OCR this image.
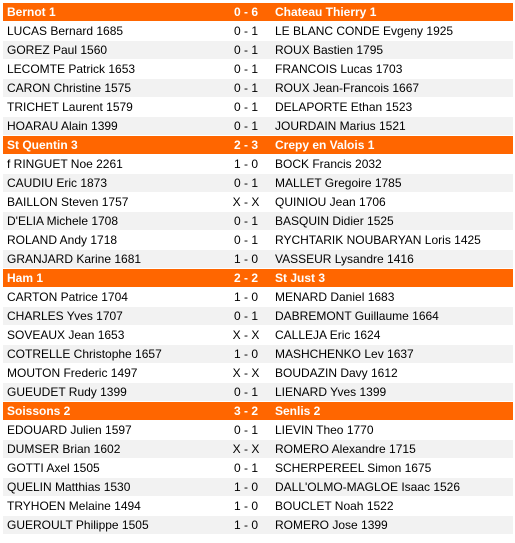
Bernot 1	0 - 6	Chateau Thierry 1
LUCAS Bernard 1685	0 - 1	LE BLANC CONDE Evgeny 1925
GOREZ Paul 1560	0 - 1	ROUX Bastien 1795
LECOMTE Patrick 1653	0 - 1	FRANCOIS Lucas 1703
CARON Christine 1575	0 - 1	ROUX Jean-Francois 1667
TRICHET Laurent 1579	0 - 1	DELAPORTE Ethan 1523
HOARAU Alain 1399	0 - 1	JOURDAIN Marius 1521
St Quentin 3	2 - 3	Crepy en Valois 1
f RINGUET Noe 2261	1 - 0	BOCK Francis 2032
CAUDIU Eric 1873	0 - 1	MALLET Gregoire 1785
BAILLON Steven 1757	X - X	QUINIOU Jean 1706
D'ELIA Michele 1708	0 - 1	BASQUIN Didier 1525
ROLAND Andy 1718	0 - 1	RYCHTARIK NOUBARYAN Loris 1425
GRANJARD Karine 1681	1 - 0	VASSEUR Lysandre 1416
Ham 1	2 - 2	St Just 3
CARTON Patrice 1704	1 - 0	MENARD Daniel 1683
CHARLES Yves 1707	0 - 1	DABREMONT Guillaume 1664
SOVEAUX Jean 1653	X - X	CALLEJA Eric 1624
COTRELLE Christophe 1657	1 - 0	MASHCHENKO Lev 1637
MOUTON Frederic 1497	X - X	BOUDAZIN Davy 1612
GUEUDET Rudy 1399	0 - 1	LIENARD Yves 1399
Soissons 2	3 - 2	Senlis 2
EDOUARD Julien 1597	0 - 1	LIEVIN Theo 1770
DUMSER Brian 1602	X - X	ROMERO Alexandre 1715
GOTTI Axel 1505	0 - 1	SCHERPEREEL Simon 1675
QUELIN Matthias 1530	1 - 0	DALL'OLMO-MAGLOE Isaac 1526
TRYHOEN Melaine 1494	1 - 0	BOUCLET Noah 1522
GUEROULT Philippe 1505	1 - 0	ROMERO Jose 1399
